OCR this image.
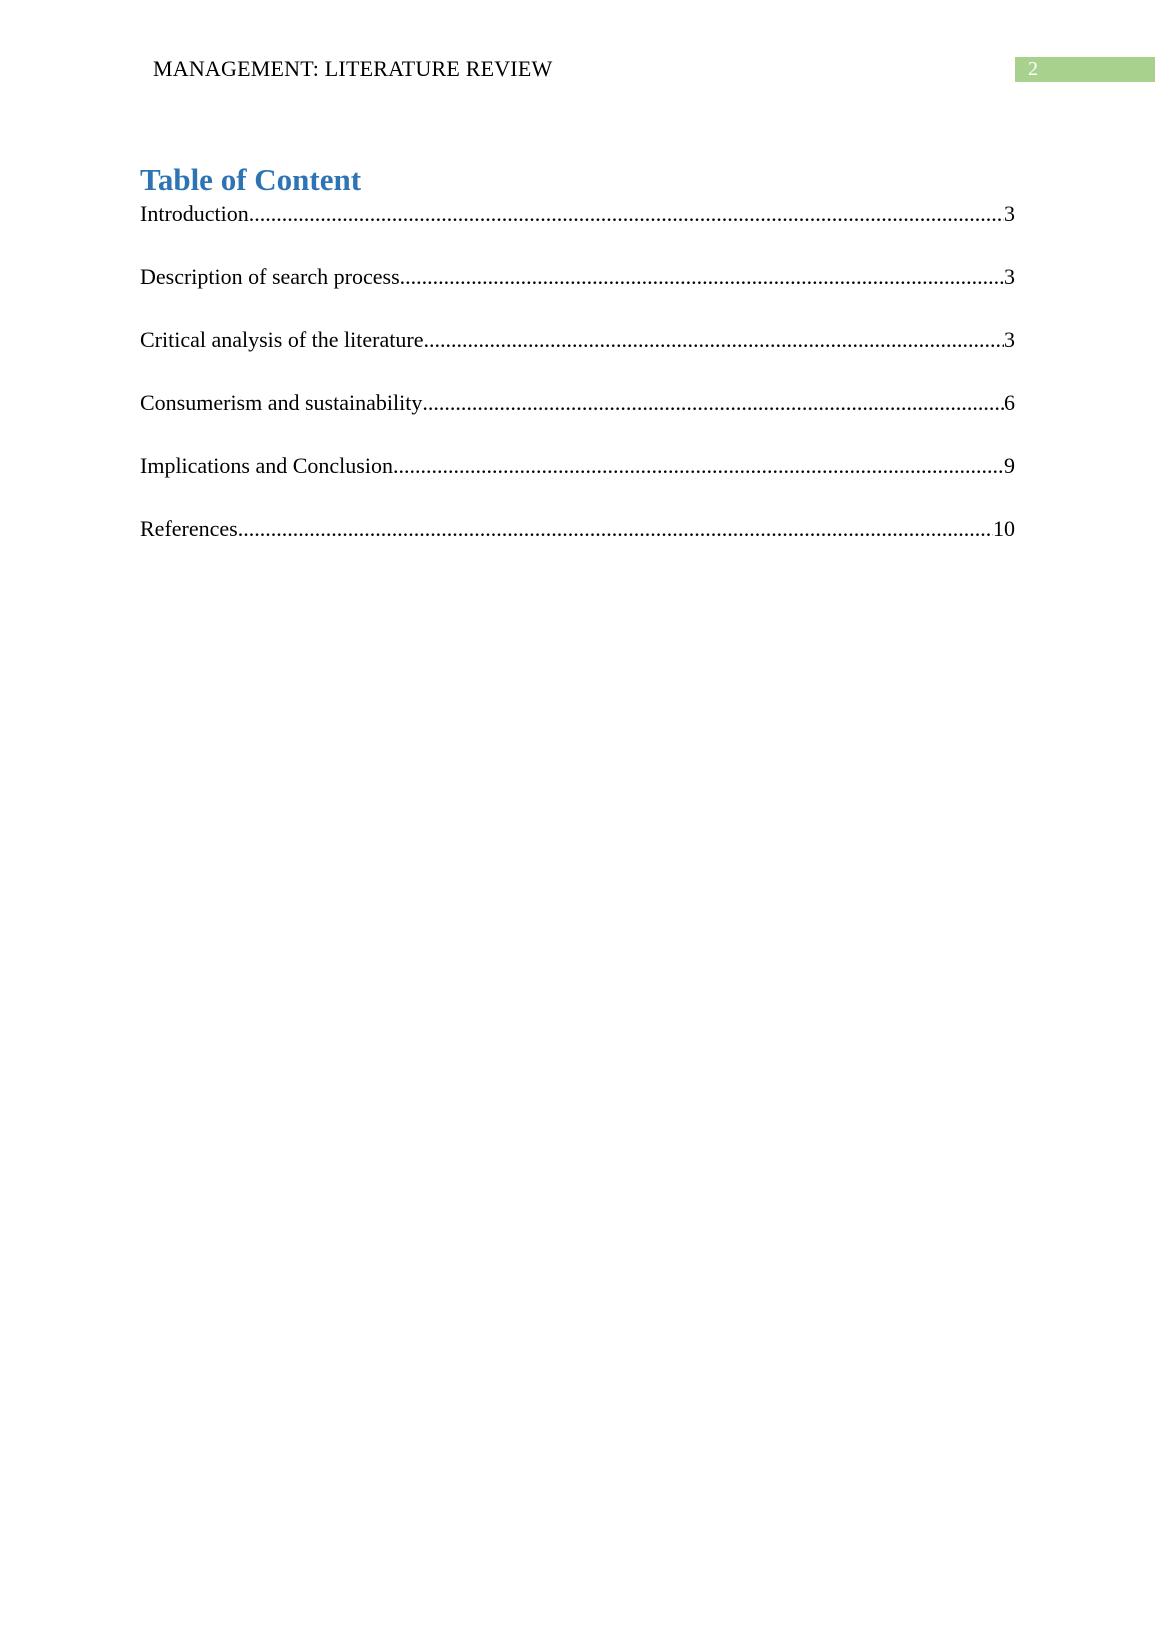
MANAGEMENT: LITERATURE REVIEW	2
Table of Content
Introduction .....	3
Description of search process .....	3
Critical analysis of the literature .....	3
Consumerism and sustainability .....	6
Implications and Conclusion .....	9
References .....	10
